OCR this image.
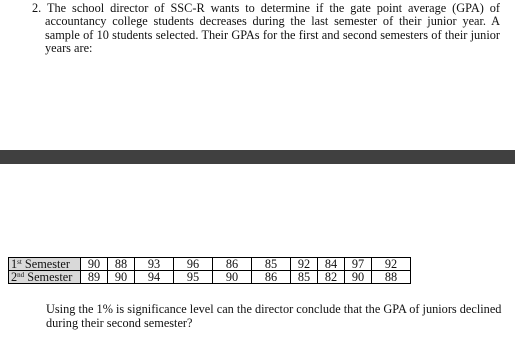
2. The school director of SSC-R wants to determine if the gate point average (GPA) of accountancy college students decreases during the last semester of their junior year. A sample of 10 students selected. Their GPAs for the first and second semesters of their junior years are:

1st Semester	90	88	93	96	86	85	92	84	97	92
2nd Semester	89	90	94	95	90	86	85	82	90	88

Using the 1% is significance level can the director conclude that the GPA of juniors declined during their second semester?
